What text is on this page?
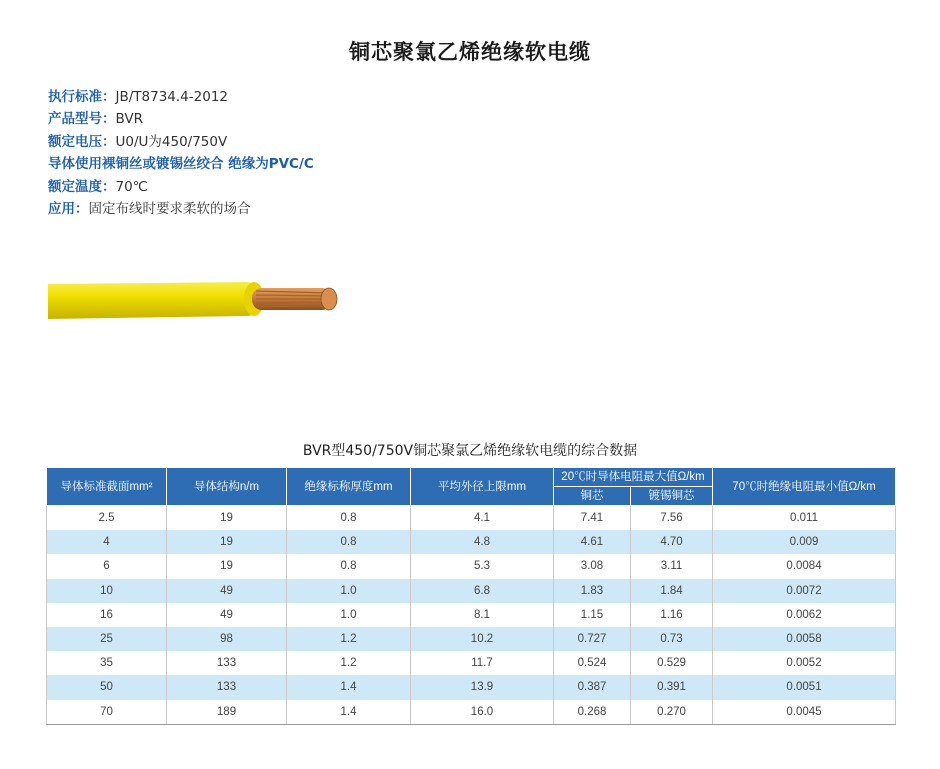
铜芯聚氯乙烯绝缘软电缆
执行标准：JB/T8734.4-2012
产品型号：BVR
额定电压：U0/U为450/750V
导体使用裸铜丝或镀锡丝绞合 绝缘为PVC/C
额定温度：70℃
应用：固定布线时要求柔软的场合
BVR型450/750V铜芯聚氯乙烯绝缘软电缆的综合数据
导体标准截面mm²	导体结构n/m	绝缘标称厚度mm	平均外径上限mm	20℃时导体电阻最大值Ω/km		70℃时绝缘电阻最小值Ω/km
				铜芯	镀锡铜芯	
2.5	19	0.8	4.1	7.41	7.56	0.011
4	19	0.8	4.8	4.61	4.70	0.009
6	19	0.8	5.3	3.08	3.11	0.0084
10	49	1.0	6.8	1.83	1.84	0.0072
16	49	1.0	8.1	1.15	1.16	0.0062
25	98	1.2	10.2	0.727	0.73	0.0058
35	133	1.2	11.7	0.524	0.529	0.0052
50	133	1.4	13.9	0.387	0.391	0.0051
70	189	1.4	16.0	0.268	0.270	0.0045
